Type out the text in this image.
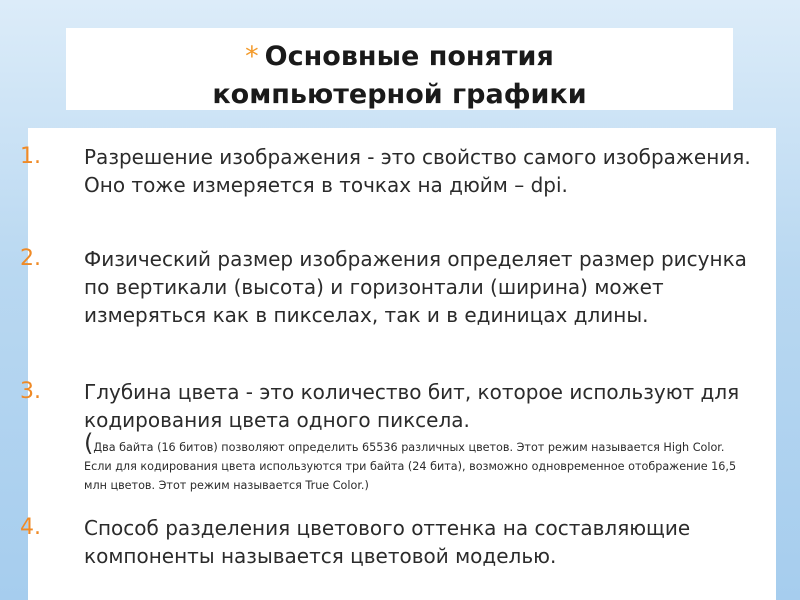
* Основные понятия
компьютерной графики
1.	Разрешение изображения - это свойство самого изображения. Оно тоже измеряется в точках на дюйм – dpi.
2.	Физический размер изображения определяет размер рисунка по вертикали (высота) и горизонтали (ширина) может измеряться как в пикселах, так и в единицах длины.
3.	Глубина цвета - это количество бит, которое используют для кодирования цвета одного пиксела.
(Два байта (16 битов) позволяют определить 65536 различных цветов. Этот режим называется High Color. Если для кодирования цвета используются три байта (24 бита), возможно одновременное отображение 16,5 млн цветов. Этот режим называется True Color.)
4.	Способ разделения цветового оттенка на составляющие компоненты называется цветовой моделью.
